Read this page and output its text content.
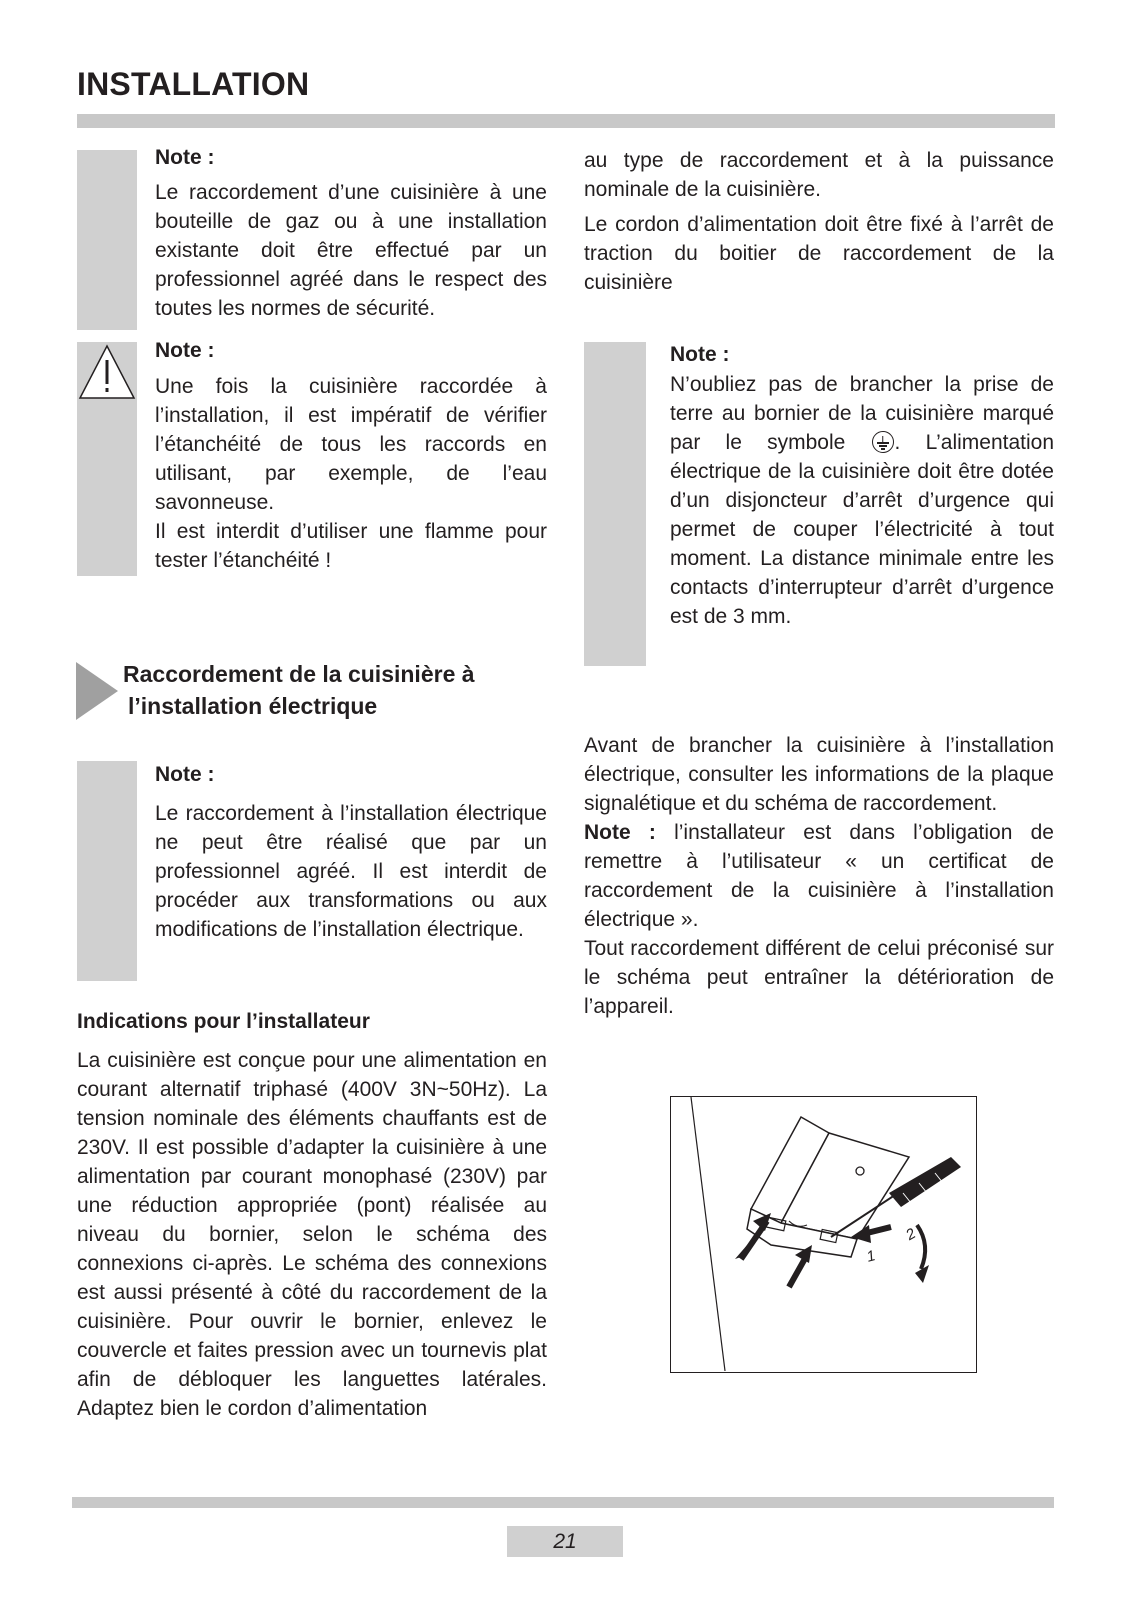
INSTALLATION
Note :
Le raccordement d’une cuisinière à une bouteille de gaz ou à une installation existante doit être effectué par un professionnel agréé dans le respect des toutes les normes de sécurité.
Note :

Une fois la cuisinière raccordée à l’installation, il est impératif de vérifier l’étanchéité de tous les raccords en utilisant, par exemple, de l’eau savonneuse.

Il est interdit d’utiliser une flamme pour tester l’étanchéité !

Raccordement de la cuisinière à
l’installation électrique
Note :
Le raccordement à l’installation électrique ne peut être réalisé que par un professionnel agréé. Il est interdit de procéder aux transformations ou aux modifications de l’installation électrique.
Indications pour l’installateur
La cuisinière est conçue pour une alimentation en courant alternatif triphasé (400V 3N~50Hz). La tension nominale des éléments chauffants est de 230V. Il est possible d’adapter la cuisinière à une alimentation par courant monophasé (230V) par une réduction appropriée (pont) réalisée au niveau du bornier, selon le schéma des connexions ci-après. Le schéma des connexions est aussi présenté à côté du raccordement de la cuisinière. Pour ouvrir le bornier, enlevez le couvercle et faites pression avec un tournevis plat afin de débloquer les languettes latérales. Adaptez bien le cordon d’alimentation

au type de raccordement et à la puissance nominale de la cuisinière.

Le cordon d’alimentation doit être fixé à l’arrêt de traction du boitier de raccordement de la cuisinière

Note :
N’oubliez pas de brancher la prise de terre au bornier de la cuisinière marqué par le symbole . L’alimentation électrique de la cuisinière doit être dotée d’un disjoncteur d’arrêt d’urgence qui permet de couper l’électricité à tout moment. La distance minimale entre les contacts d’interrupteur d’arrêt d’urgence est de 3 mm.

Avant de brancher la cuisinière à l’installation électrique, consulter les informations de la plaque signalétique et du schéma de raccordement.

Note : l’installateur est dans l’obligation de remettre à l’utilisateur « un certificat de raccordement de la cuisinière à l’installation électrique ».

Tout raccordement différent de celui préconisé sur le schéma peut entraîner la détérioration de l’appareil.

1
2
21
